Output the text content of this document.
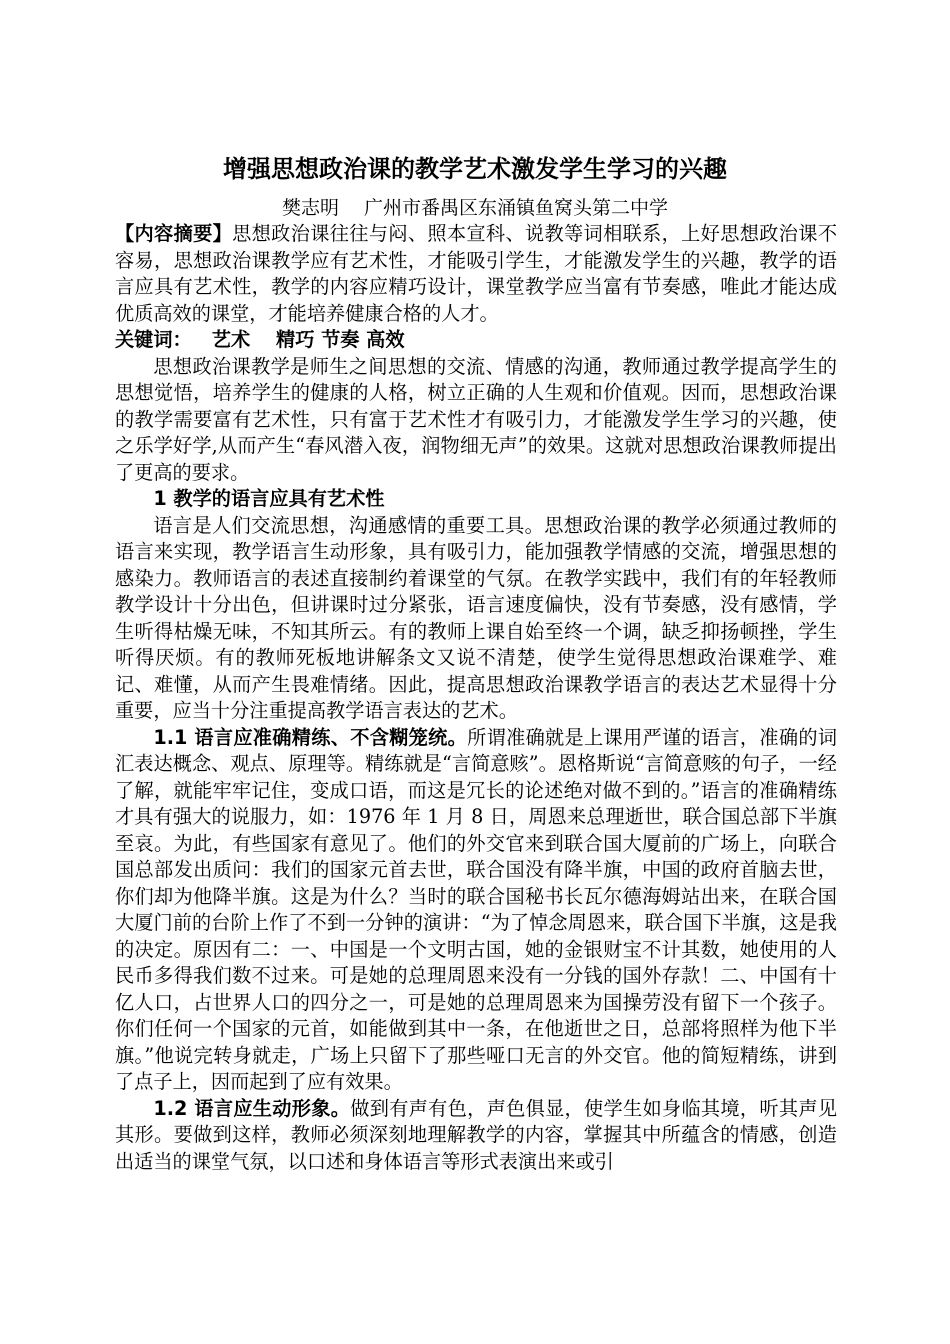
增强思想政治课的教学艺术激发学生学习的兴趣
樊志明　 广州市番禺区东涌镇鱼窝头第二中学

【内容摘要】思想政治课往往与闷、照本宣科、说教等词相联系，上好思想政治课不容易，思想政治课教学应有艺术性，才能吸引学生，才能激发学生的兴趣，教学的语言应具有艺术性，教学的内容应精巧设计，课堂教学应当富有节奏感，唯此才能达成优质高效的课堂，才能培养健康合格的人才。

关键词： 艺术　 精巧 节奏 高效

思想政治课教学是师生之间思想的交流、情感的沟通，教师通过教学提高学生的思想觉悟，培养学生的健康的人格，树立正确的人生观和价值观。因而，思想政治课的教学需要富有艺术性，只有富于艺术性才有吸引力，才能激发学生学习的兴趣，使之乐学好学,从而产生“春风潜入夜，润物细无声”的效果。这就对思想政治课教师提出了更高的要求。

1 教学的语言应具有艺术性

语言是人们交流思想，沟通感情的重要工具。思想政治课的教学必须通过教师的语言来实现，教学语言生动形象，具有吸引力，能加强教学情感的交流，增强思想的感染力。教师语言的表述直接制约着课堂的气氛。在教学实践中，我们有的年轻教师教学设计十分出色，但讲课时过分紧张，语言速度偏快，没有节奏感，没有感情，学生听得枯燥无味，不知其所云。有的教师上课自始至终一个调，缺乏抑扬顿挫，学生听得厌烦。有的教师死板地讲解条文又说不清楚，使学生觉得思想政治课难学、难记、难懂，从而产生畏难情绪。因此，提高思想政治课教学语言的表达艺术显得十分重要，应当十分注重提高教学语言表达的艺术。

1.1 语言应准确精练、不含糊笼统。所谓准确就是上课用严谨的语言，准确的词汇表达概念、观点、原理等。精练就是“言简意赅”。恩格斯说“言简意赅的句子，一经了解，就能牢牢记住，变成口语，而这是冗长的论述绝对做不到的。”语言的准确精练才具有强大的说服力，如：1976 年 1 月 8 日，周恩来总理逝世，联合国总部下半旗至哀。为此，有些国家有意见了。他们的外交官来到联合国大厦前的广场上，向联合国总部发出质问：我们的国家元首去世，联合国没有降半旗，中国的政府首脑去世，你们却为他降半旗。这是为什么？当时的联合国秘书长瓦尔德海姆站出来，在联合国大厦门前的台阶上作了不到一分钟的演讲：“为了悼念周恩来，联合国下半旗，这是我的决定。原因有二：一、中国是一个文明古国，她的金银财宝不计其数，她使用的人民币多得我们数不过来。可是她的总理周恩来没有一分钱的国外存款！二、中国有十亿人口，占世界人口的四分之一，可是她的总理周恩来为国操劳没有留下一个孩子。你们任何一个国家的元首，如能做到其中一条，在他逝世之日，总部将照样为他下半旗。”他说完转身就走，广场上只留下了那些哑口无言的外交官。他的简短精练，讲到了点子上，因而起到了应有效果。

1.2 语言应生动形象。做到有声有色，声色俱显，使学生如身临其境，听其声见其形。要做到这样，教师必须深刻地理解教学的内容，掌握其中所蕴含的情感，创造出适当的课堂气氛，以口述和身体语言等形式表演出来或引
